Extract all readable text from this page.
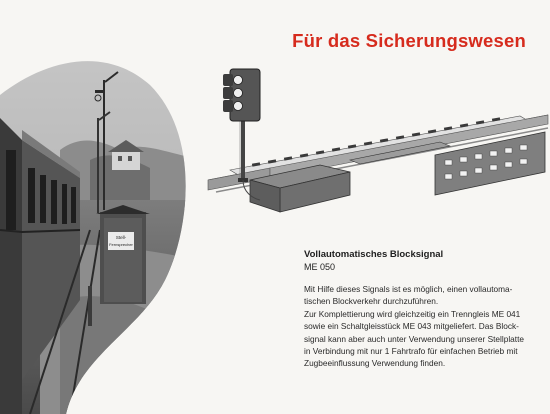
Stell-
Fernsprecher
Für das Sicherungswesen
Vollautomatisches Blocksignal

ME 050

Mit Hilfe dieses Signals ist es möglich, einen vollautoma-
tischen Blockverkehr durchzuführen.
Zur Komplettierung wird gleichzeitig ein Trenngleis ME 041
sowie ein Schaltgleisstück ME 043 mitgeliefert. Das Block-
signal kann aber auch unter Verwendung unserer Stellplatte
in Verbindung mit nur 1 Fahrtrafo für einfachen Betrieb mit
Zugbeeinflussung Verwendung finden.
